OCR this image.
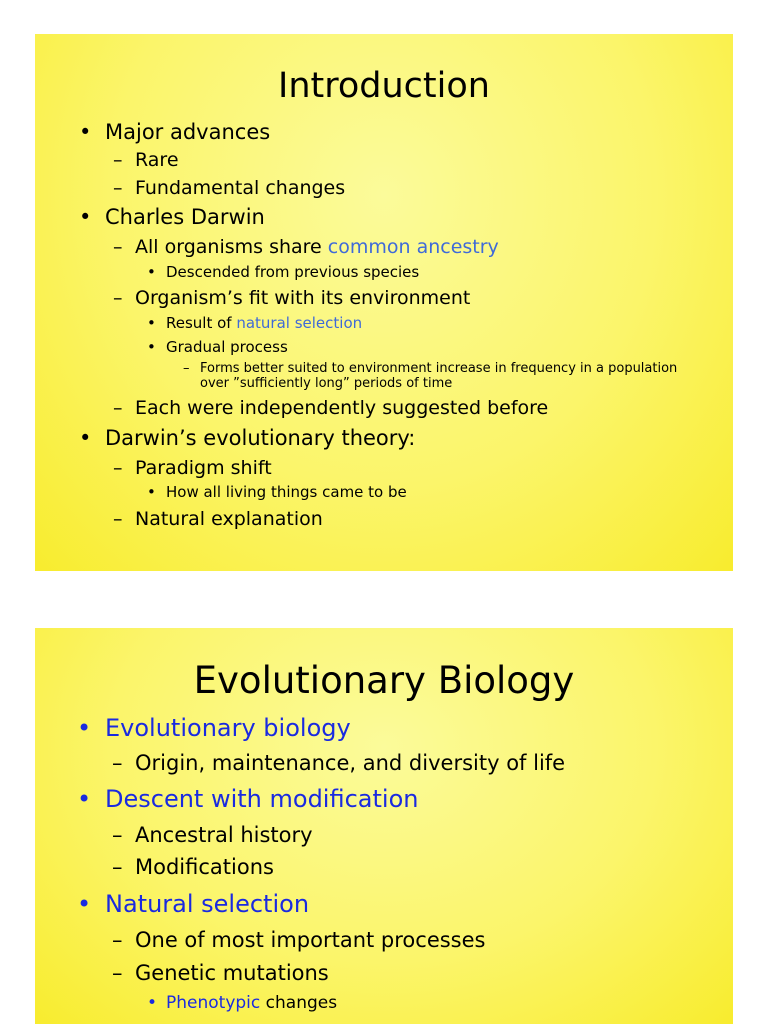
Introduction
• Major advances

– Rare

– Fundamental changes

• Charles Darwin

– All organisms share common ancestry

• Descended from previous species

– Organism’s fit with its environment

• Result of natural selection

• Gradual process

– Forms better suited to environment increase in frequency in a population

over ”sufficiently long” periods of time

– Each were independently suggested before

• Darwin’s evolutionary theory:

– Paradigm shift

• How all living things came to be

– Natural explanation

Evolutionary Biology
• Evolutionary biology

– Origin, maintenance, and diversity of life

• Descent with modification

– Ancestral history

– Modifications

• Natural selection

– One of most important processes

– Genetic mutations

• Phenotypic changes
